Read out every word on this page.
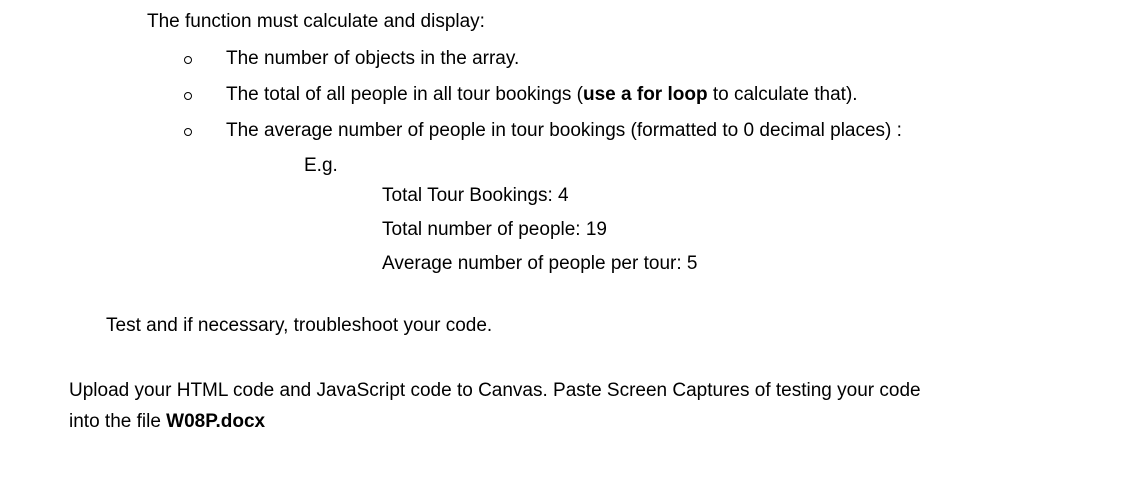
The function must calculate and display:
The number of objects in the array.
The total of all people in all tour bookings (use a for loop to calculate that).
The average number of people in tour bookings (formatted to 0 decimal places) :
E.g.
Total Tour Bookings: 4
Total number of people: 19
Average number of people per tour: 5
Test and if necessary, troubleshoot your code.
Upload your HTML code and JavaScript code to Canvas. Paste Screen Captures of testing your code
into the file W08P.docx
